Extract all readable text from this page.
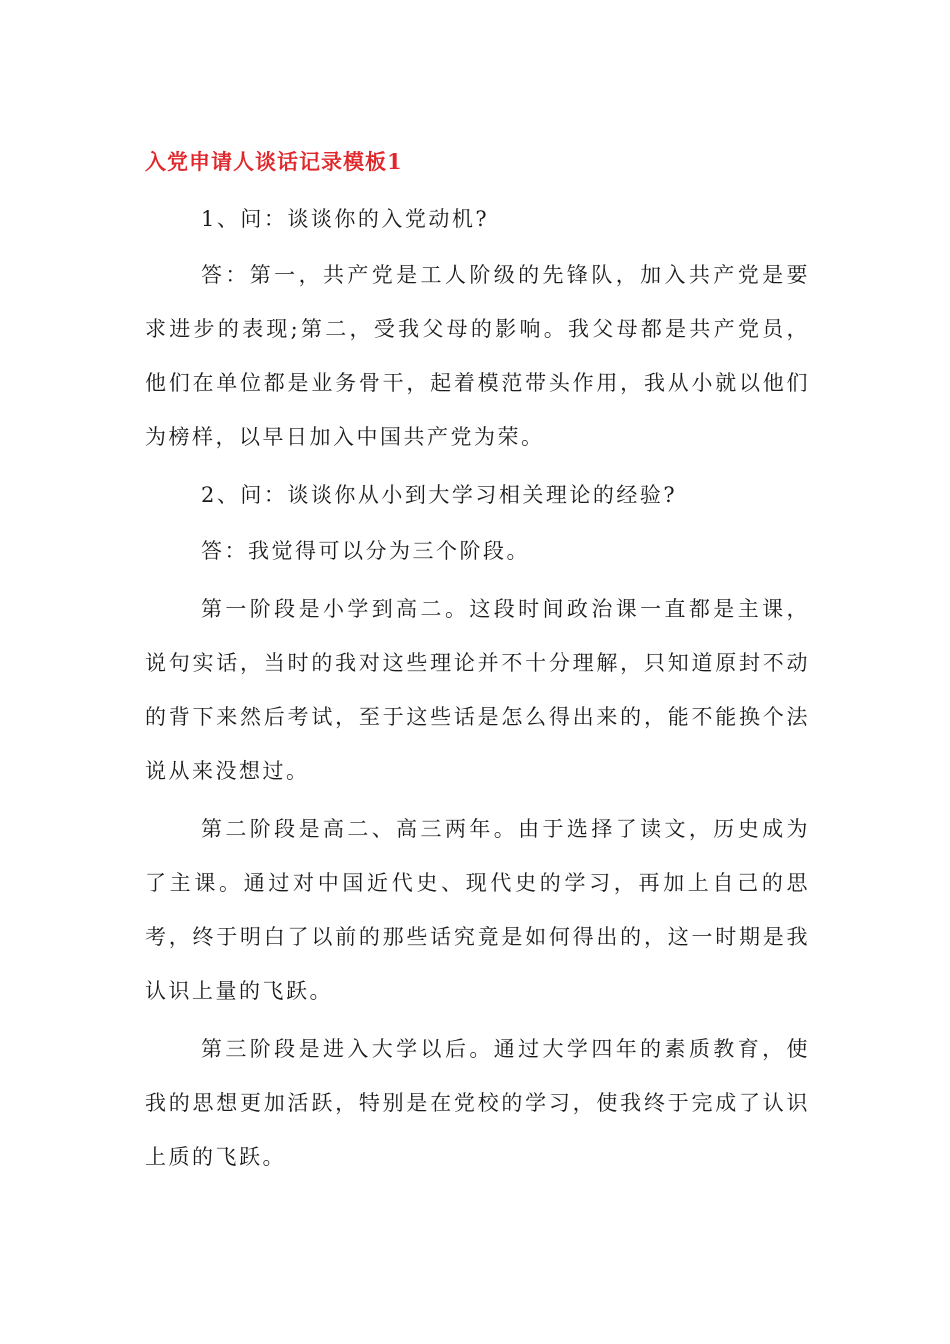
入党申请人谈话记录模板1

1、问：谈谈你的入党动机?

答：第一，共产党是工人阶级的先锋队，加入共产党是要求进步的表现;第二，受我父母的影响。我父母都是共产党员，他们在单位都是业务骨干，起着模范带头作用，我从小就以他们为榜样，以早日加入中国共产党为荣。

2、问：谈谈你从小到大学习相关理论的经验?

答：我觉得可以分为三个阶段。

第一阶段是小学到高二。这段时间政治课一直都是主课，说句实话，当时的我对这些理论并不十分理解，只知道原封不动的背下来然后考试，至于这些话是怎么得出来的，能不能换个法说从来没想过。

第二阶段是高二、高三两年。由于选择了读文，历史成为了主课。通过对中国近代史、现代史的学习，再加上自己的思考，终于明白了以前的那些话究竟是如何得出的，这一时期是我认识上量的飞跃。

第三阶段是进入大学以后。通过大学四年的素质教育，使我的思想更加活跃，特别是在党校的学习，使我终于完成了认识上质的飞跃。
